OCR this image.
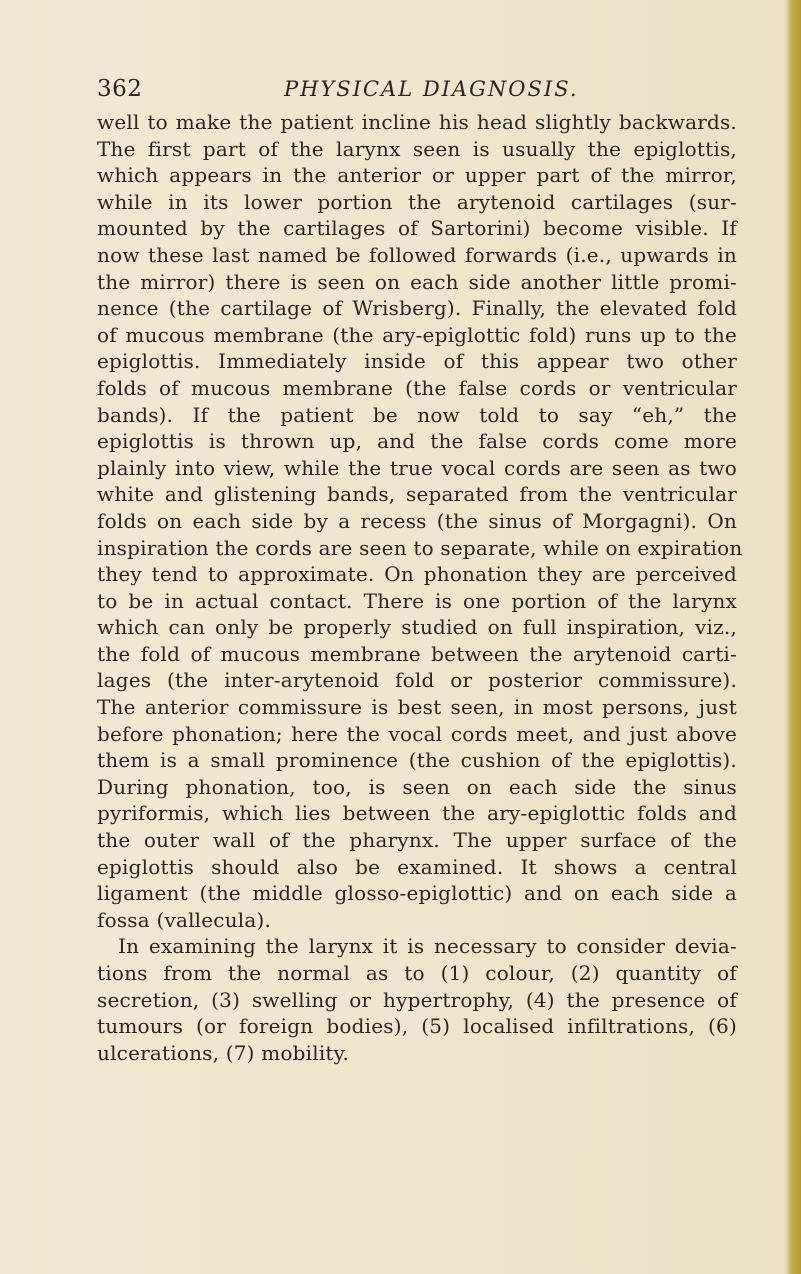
362	PHYSICAL DIAGNOSIS.
well to make the patient incline his head slightly backwards.
The first part of the larynx seen is usually the epiglottis,
which appears in the anterior or upper part of the mirror,
while in its lower portion the arytenoid cartilages (sur-
mounted by the cartilages of Sartorini) become visible. If
now these last named be followed forwards (i.e., upwards in
the mirror) there is seen on each side another little promi-
nence (the cartilage of Wrisberg). Finally, the elevated fold
of mucous membrane (the ary-epiglottic fold) runs up to the
epiglottis. Immediately inside of this appear two other
folds of mucous membrane (the false cords or ventricular
bands). If the patient be now told to say “eh,” the
epiglottis is thrown up, and the false cords come more
plainly into view, while the true vocal cords are seen as two
white and glistening bands, separated from the ventricular
folds on each side by a recess (the sinus of Morgagni). On
inspiration the cords are seen to separate, while on expiration
they tend to approximate. On phonation they are perceived
to be in actual contact. There is one portion of the larynx
which can only be properly studied on full inspiration, viz.,
the fold of mucous membrane between the arytenoid carti-
lages (the inter-arytenoid fold or posterior commissure).
The anterior commissure is best seen, in most persons, just
before phonation; here the vocal cords meet, and just above
them is a small prominence (the cushion of the epiglottis).
During phonation, too, is seen on each side the sinus
pyriformis, which lies between the ary-epiglottic folds and
the outer wall of the pharynx. The upper surface of the
epiglottis should also be examined. It shows a central
ligament (the middle glosso-epiglottic) and on each side a
fossa (vallecula).
In examining the larynx it is necessary to consider devia-
tions from the normal as to (1) colour, (2) quantity of
secretion, (3) swelling or hypertrophy, (4) the presence of
tumours (or foreign bodies), (5) localised infiltrations, (6)
ulcerations, (7) mobility.
